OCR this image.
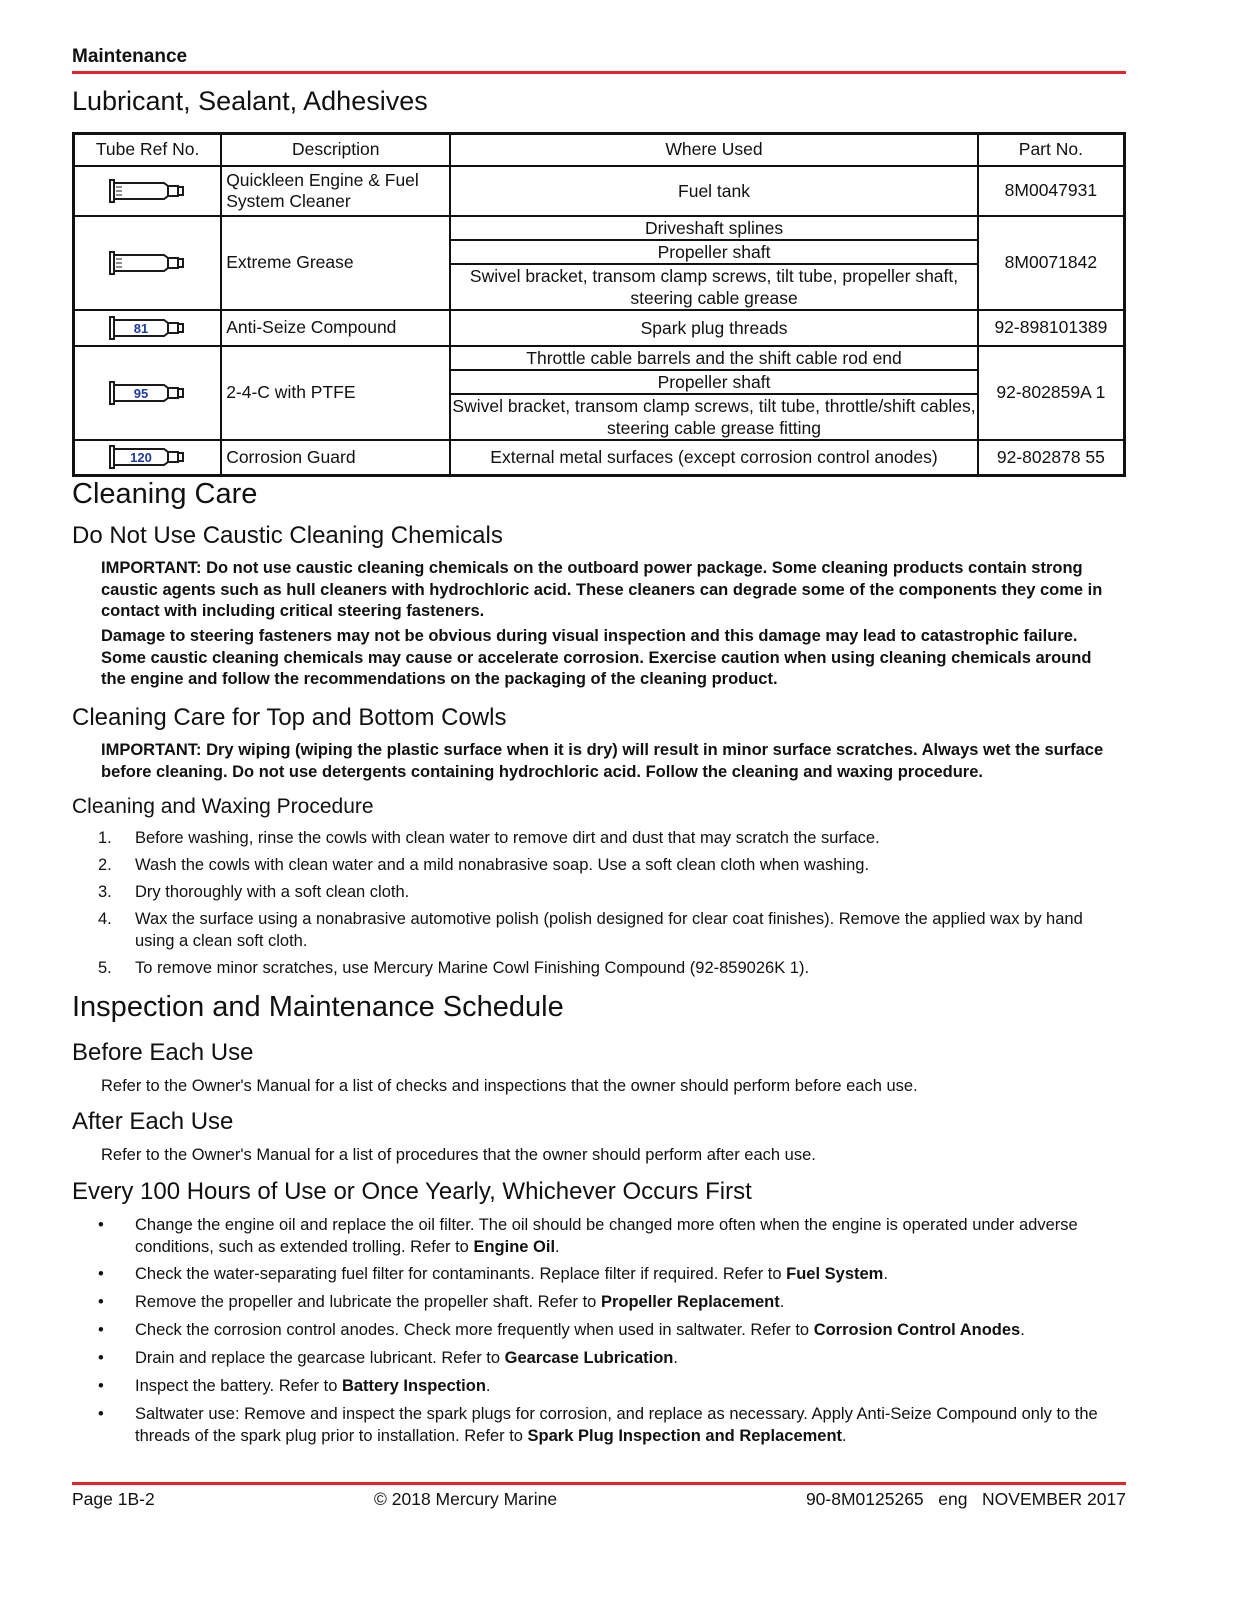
Maintenance
Lubricant, Sealant, Adhesives
Tube Ref No.	Description	Where Used	Part No.
	Quickleen Engine & Fuel System Cleaner	Fuel tank	8M0047931
	Extreme Grease	Driveshaft splines
Propeller shaft
Swivel bracket, transom clamp screws, tilt tube, propeller shaft, steering cable grease	8M0071842

81	Anti-Seize Compound	Spark plug threads	92-898101389

95	2-4-C with PTFE	Throttle cable barrels and the shift cable rod end
Propeller shaft
Swivel bracket, transom clamp screws, tilt tube, throttle/shift cables, steering cable grease fitting	92-802859A 1

120	Corrosion Guard	External metal surfaces (except corrosion control anodes)	92-802878 55
Cleaning Care
Do Not Use Caustic Cleaning Chemicals

IMPORTANT: Do not use caustic cleaning chemicals on the outboard power package. Some cleaning products contain strong caustic agents such as hull cleaners with hydrochloric acid. These cleaners can degrade some of the components they come in contact with including critical steering fasteners.

Damage to steering fasteners may not be obvious during visual inspection and this damage may lead to catastrophic failure. Some caustic cleaning chemicals may cause or accelerate corrosion. Exercise caution when using cleaning chemicals around the engine and follow the recommendations on the packaging of the cleaning product.

Cleaning Care for Top and Bottom Cowls

IMPORTANT: Dry wiping (wiping the plastic surface when it is dry) will result in minor surface scratches. Always wet the surface before cleaning. Do not use detergents containing hydrochloric acid. Follow the cleaning and waxing procedure.

Cleaning and Waxing Procedure
1.	Before washing, rinse the cowls with clean water to remove dirt and dust that may scratch the surface.
2.	Wash the cowls with clean water and a mild nonabrasive soap. Use a soft clean cloth when washing.
3.	Dry thoroughly with a soft clean cloth.
4.	Wax the surface using a nonabrasive automotive polish (polish designed for clear coat finishes). Remove the applied wax by hand using a clean soft cloth.
5.	To remove minor scratches, use Mercury Marine Cowl Finishing Compound (92-859026K 1).
Inspection and Maintenance Schedule
Before Each Use

Refer to the Owner's Manual for a list of checks and inspections that the owner should perform before each use.

After Each Use

Refer to the Owner's Manual for a list of procedures that the owner should perform after each use.

Every 100 Hours of Use or Once Yearly, Whichever Occurs First
•	Change the engine oil and replace the oil filter. The oil should be changed more often when the engine is operated under adverse conditions, such as extended trolling. Refer to Engine Oil.
•	Check the water-separating fuel filter for contaminants. Replace filter if required. Refer to Fuel System.
•	Remove the propeller and lubricate the propeller shaft. Refer to Propeller Replacement.
•	Check the corrosion control anodes. Check more frequently when used in saltwater. Refer to Corrosion Control Anodes.
•	Drain and replace the gearcase lubricant. Refer to Gearcase Lubrication.
•	Inspect the battery. Refer to Battery Inspection.
•	Saltwater use: Remove and inspect the spark plugs for corrosion, and replace as necessary. Apply Anti-Seize Compound only to the threads of the spark plug prior to installation. Refer to Spark Plug Inspection and Replacement.
Page 1B-2	© 2018 Mercury Marine	90-8M0125265   eng   NOVEMBER 2017
